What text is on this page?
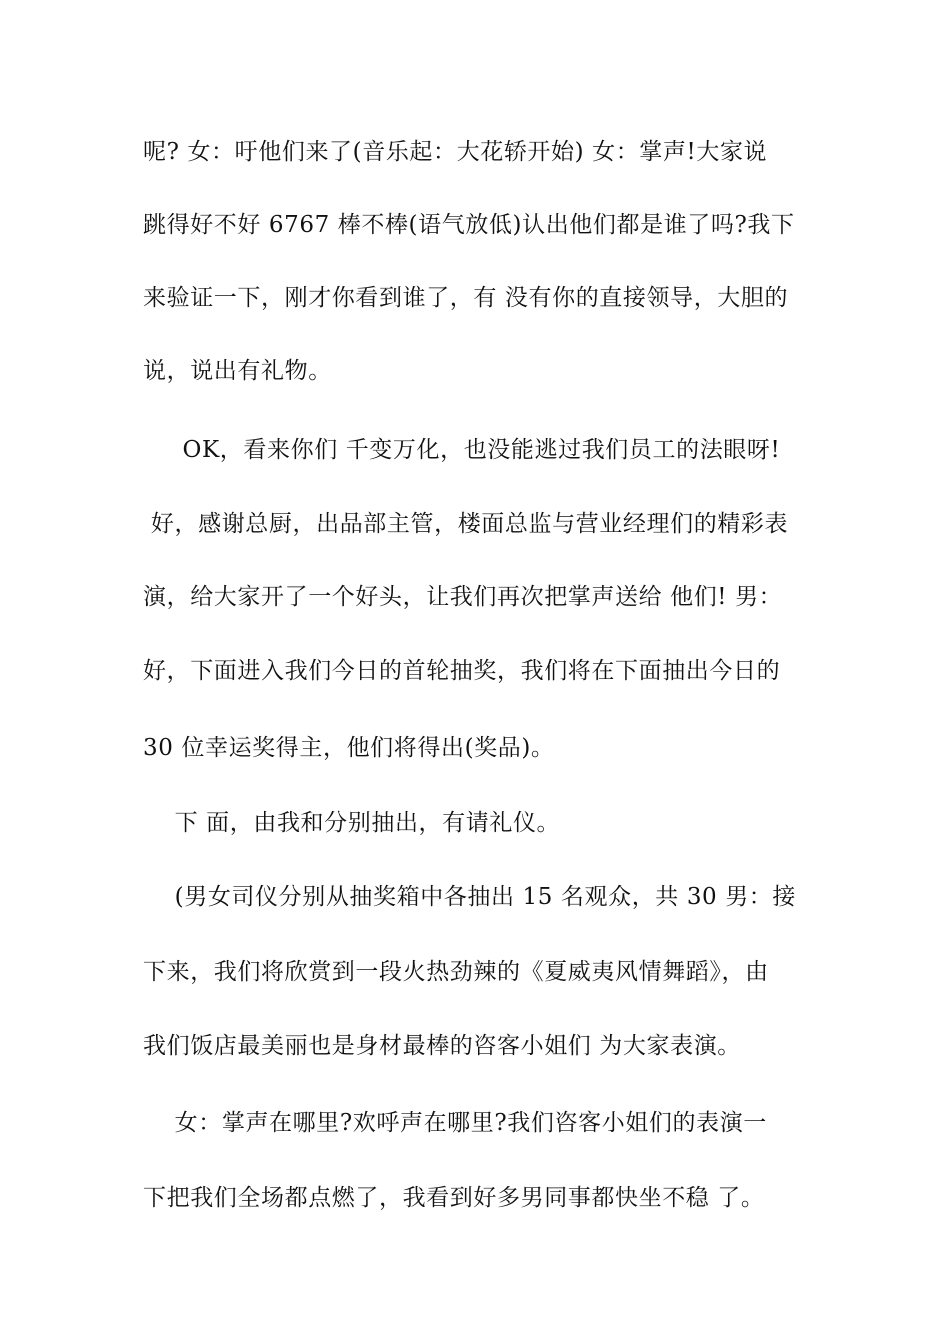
呢? 女：吁他们来了(音乐起：大花轿开始) 女：掌声!大家说
跳得好不好 6767 棒不棒(语气放低)认出他们都是谁了吗?我下
来验证一下，刚才你看到谁了，有 没有你的直接领导，大胆的
说，说出有礼物。
OK，看来你们 千变万化，也没能逃过我们员工的法眼呀!
好，感谢总厨，出品部主管，楼面总监与营业经理们的精彩表
演，给大家开了一个好头，让我们再次把掌声送给 他们! 男：
好，下面进入我们今日的首轮抽奖，我们将在下面抽出今日的
30 位幸运奖得主，他们将得出(奖品)。
下 面，由我和分别抽出，有请礼仪。
(男女司仪分别从抽奖箱中各抽出 15 名观众，共 30 男：接
下来，我们将欣赏到一段火热劲辣的《夏威夷风情舞蹈》，由
我们饭店最美丽也是身材最棒的咨客小姐们 为大家表演。
女：掌声在哪里?欢呼声在哪里?我们咨客小姐们的表演一
下把我们全场都点燃了，我看到好多男同事都快坐不稳 了。
